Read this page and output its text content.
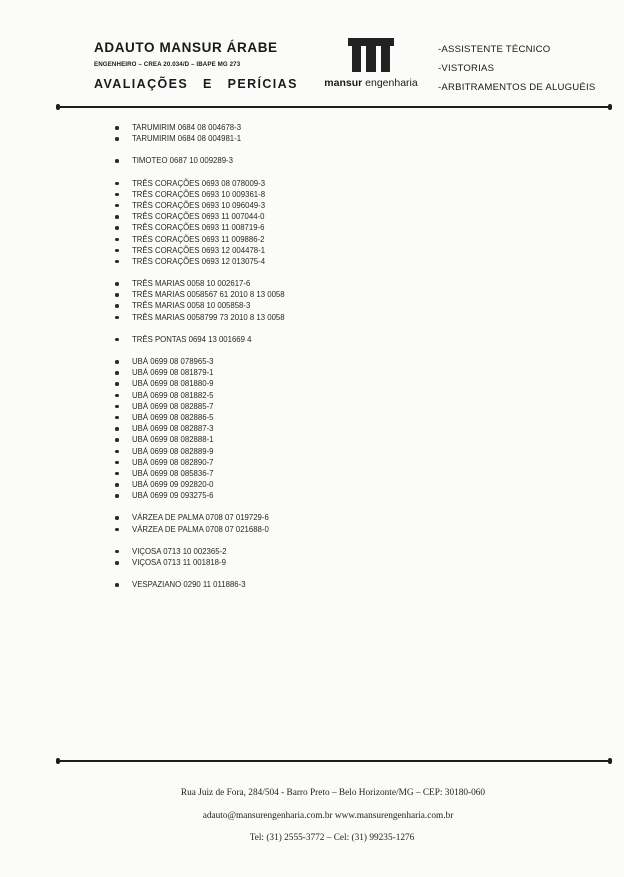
ADAUTO MANSUR ÁRABE
ENGENHEIRO – CREA 20.034/D – IBAPE MG 273
AVALIAÇÕES E PERÍCIAS	mansur engenharia
-ASSISTENTE TÉCNICO
-VISTORIAS
-ARBITRAMENTOS DE ALUGUÉIS
TARUMIRIM 0684 08 004678-3
TARUMIRIM 0684 08 004981-1
TIMOTEO 0687 10 009289-3
TRÊS CORAÇÕES 0693 08 078009-3
TRÊS CORAÇÕES 0693 10 009361-8
TRÊS CORAÇÕES 0693 10 096049-3
TRÊS CORAÇÕES 0693 11 007044-0
TRÊS CORAÇÕES 0693 11 008719-6
TRÊS CORAÇÕES 0693 11 009886-2
TRÊS CORAÇÕES 0693 12 004478-1
TRÊS CORAÇÕES 0693 12 013075-4
TRÊS MARIAS 0058 10 002617-6
TRÊS MARIAS 0058567 61 2010 8 13 0058
TRÊS MARIAS 0058 10 005858-3
TRÊS MARIAS 0058799 73 2010 8 13 0058
TRÊS PONTAS 0694 13 001669 4
UBÁ 0699 08 078965-3
UBÁ 0699 08 081879-1
UBÁ 0699 08 081880-9
UBÁ 0699 08 081882-5
UBÁ 0699 08 082885-7
UBÁ 0699 08 082886-5
UBÁ 0699 08 082887-3
UBÁ 0699 08 082888-1
UBÁ 0699 08 082889-9
UBÁ 0699 08 082890-7
UBÁ 0699 08 085836-7
UBÁ 0699 09 092820-0
UBÁ 0699 09 093275-6
VÁRZEA DE PALMA 0708 07 019729-6
VÁRZEA DE PALMA 0708 07 021688-0
VIÇOSA 0713 10 002365-2
VIÇOSA 0713 11 001818-9
VESPAZIANO 0290 11 011886-3
Rua Juiz de Fora, 284/504 - Barro Preto – Belo Horizonte/MG – CEP: 30180-060
adauto@mansurengenharia.com.br www.mansurengenharia.com.br
Tel: (31) 2555-3772 – Cel: (31) 99235-1276
